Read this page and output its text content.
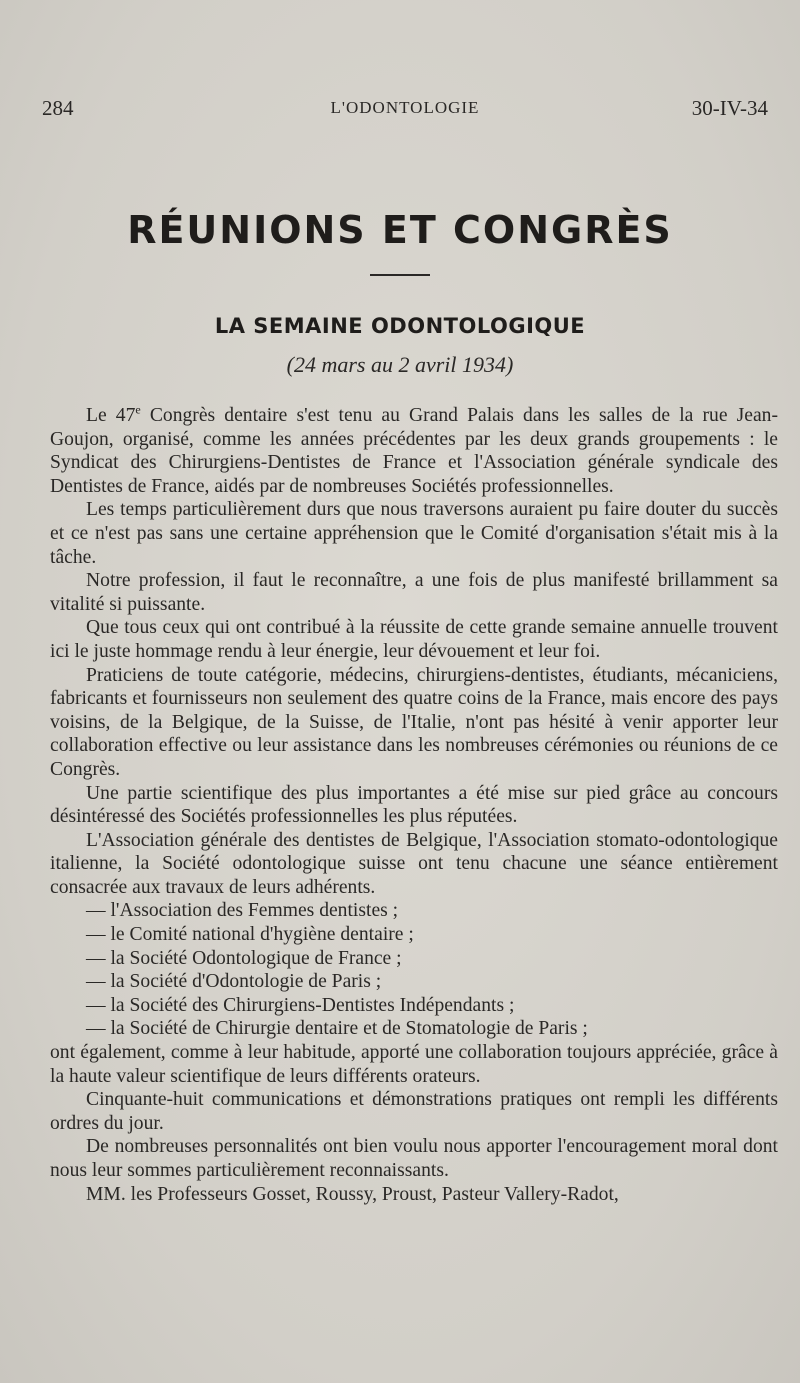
284	L'ODONTOLOGIE	30-IV-34
RÉUNIONS ET CONGRÈS
LA SEMAINE ODONTOLOGIQUE
(24 mars au 2 avril 1934)

Le 47e Congrès dentaire s'est tenu au Grand Palais dans les salles de la rue Jean-Goujon, organisé, comme les années précédentes par les deux grands groupements : le Syndicat des Chirurgiens-Dentistes de France et l'Association générale syndicale des Dentistes de France, aidés par de nombreuses Sociétés professionnelles.

Les temps particulièrement durs que nous traversons auraient pu faire douter du succès et ce n'est pas sans une certaine appréhension que le Comité d'organisation s'était mis à la tâche.

Notre profession, il faut le reconnaître, a une fois de plus manifesté brillamment sa vitalité si puissante.

Que tous ceux qui ont contribué à la réussite de cette grande semaine annuelle trouvent ici le juste hommage rendu à leur énergie, leur dévouement et leur foi.

Praticiens de toute catégorie, médecins, chirurgiens-dentistes, étudiants, mécaniciens, fabricants et fournisseurs non seulement des quatre coins de la France, mais encore des pays voisins, de la Belgique, de la Suisse, de l'Italie, n'ont pas hésité à venir apporter leur collaboration effective ou leur assistance dans les nombreuses cérémonies ou réunions de ce Congrès.

Une partie scientifique des plus importantes a été mise sur pied grâce au concours désintéressé des Sociétés professionnelles les plus réputées.

L'Association générale des dentistes de Belgique, l'Association stomato-odontologique italienne, la Société odontologique suisse ont tenu chacune une séance entièrement consacrée aux travaux de leurs adhérents.

— l'Association des Femmes dentistes ;

— le Comité national d'hygiène dentaire ;

— la Société Odontologique de France ;

— la Société d'Odontologie de Paris ;

— la Société des Chirurgiens-Dentistes Indépendants ;

— la Société de Chirurgie dentaire et de Stomatologie de Paris ;

ont également, comme à leur habitude, apporté une collaboration toujours appréciée, grâce à la haute valeur scientifique de leurs différents orateurs.

Cinquante-huit communications et démonstrations pratiques ont rempli les différents ordres du jour.

De nombreuses personnalités ont bien voulu nous apporter l'encouragement moral dont nous leur sommes particulièrement reconnaissants.

MM. les Professeurs Gosset, Roussy, Proust, Pasteur Vallery-Radot,
